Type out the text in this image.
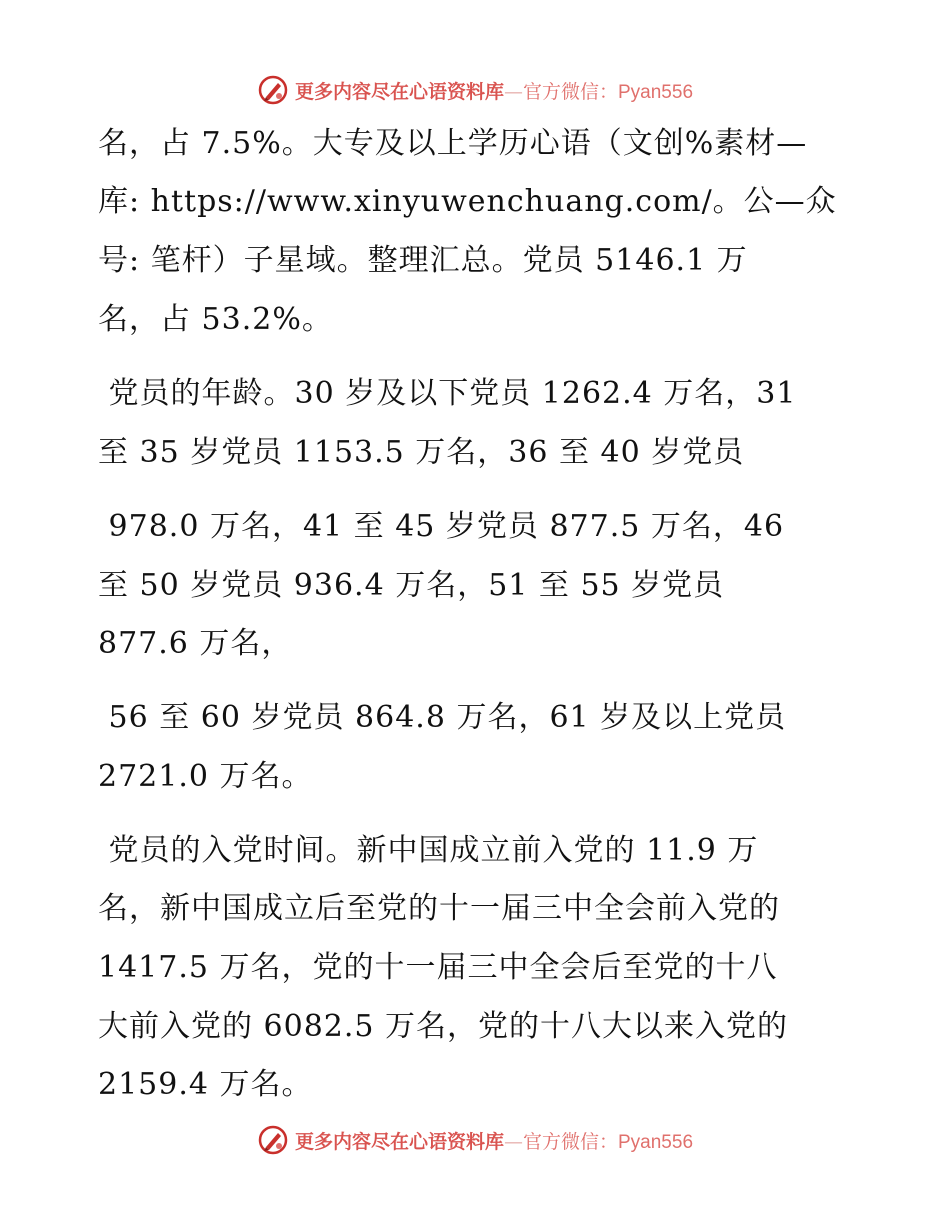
更多内容尽在心语资料库—官方微信：Pyan556
名，占 7.5%。大专及以上学历心语（文创%素材—
库: https://www.xinyuwenchuang.com/。公—众
号: 笔杆）子星域。整理汇总。党员 5146.1 万
名，占 53.2%。
党员的年龄。30 岁及以下党员 1262.4 万名，31
至 35 岁党员 1153.5 万名，36 至 40 岁党员
978.0 万名，41 至 45 岁党员 877.5 万名，46
至 50 岁党员 936.4 万名，51 至 55 岁党员
877.6 万名，
56 至 60 岁党员 864.8 万名，61 岁及以上党员
2721.0 万名。
党员的入党时间。新中国成立前入党的 11.9 万
名，新中国成立后至党的十一届三中全会前入党的
1417.5 万名，党的十一届三中全会后至党的十八
大前入党的 6082.5 万名，党的十八大以来入党的
2159.4 万名。
更多内容尽在心语资料库—官方微信：Pyan556
